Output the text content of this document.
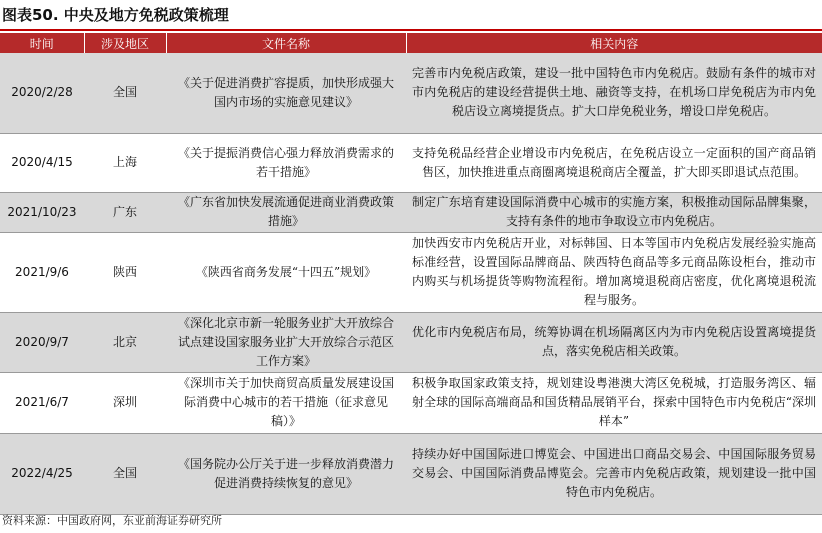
图表50. 中央及地方免税政策梳理
时间	涉及地区	文件名称	相关内容
2020/2/28	全国	《关于促进消费扩容提质，加快形成强大国内市场的实施意见建议》	完善市内免税店政策，建设一批中国特色市内免税店。鼓励有条件的城市对市内免税店的建设经营提供土地、融资等支持，在机场口岸免税店为市内免税店设立离境提货点。扩大口岸免税业务，增设口岸免税店。
2020/4/15	上海	《关于提振消费信心强力释放消费需求的若干措施》	支持免税品经营企业增设市内免税店，在免税店设立一定面积的国产商品销售区，加快推进重点商圈离境退税商店全覆盖，扩大即买即退试点范围。
2021/10/23	广东	《广东省加快发展流通促进商业消费政策措施》	制定广东培育建设国际消费中心城市的实施方案，积极推动国际品牌集聚，支持有条件的地市争取设立市内免税店。
2021/9/6	陕西	《陕西省商务发展“十四五”规划》	加快西安市内免税店开业，对标韩国、日本等国市内免税店发展经验实施高标准经营，设置国际品牌商品、陕西特色商品等多元商品陈设柜台，推动市内购买与机场提货等购物流程衔。增加离境退税商店密度，优化离境退税流程与服务。
2020/9/7	北京	《深化北京市新一轮服务业扩大开放综合试点建设国家服务业扩大开放综合示范区工作方案》	优化市内免税店布局，统筹协调在机场隔离区内为市内免税店设置离境提货点，落实免税店相关政策。
2021/6/7	深圳	《深圳市关于加快商贸高质量发展建设国际消费中心城市的若干措施（征求意见稿）》	积极争取国家政策支持，规划建设粤港澳大湾区免税城，打造服务湾区、辐射全球的国际高端商品和国货精品展销平台，探索中国特色市内免税店“深圳样本”
2022/4/25	全国	《国务院办公厅关于进一步释放消费潜力促进消费持续恢复的意见》	持续办好中国国际进口博览会、中国进出口商品交易会、中国国际服务贸易交易会、中国国际消费品博览会。完善市内免税店政策，规划建设一批中国特色市内免税店。
资料来源：中国政府网，东亚前海证券研究所
